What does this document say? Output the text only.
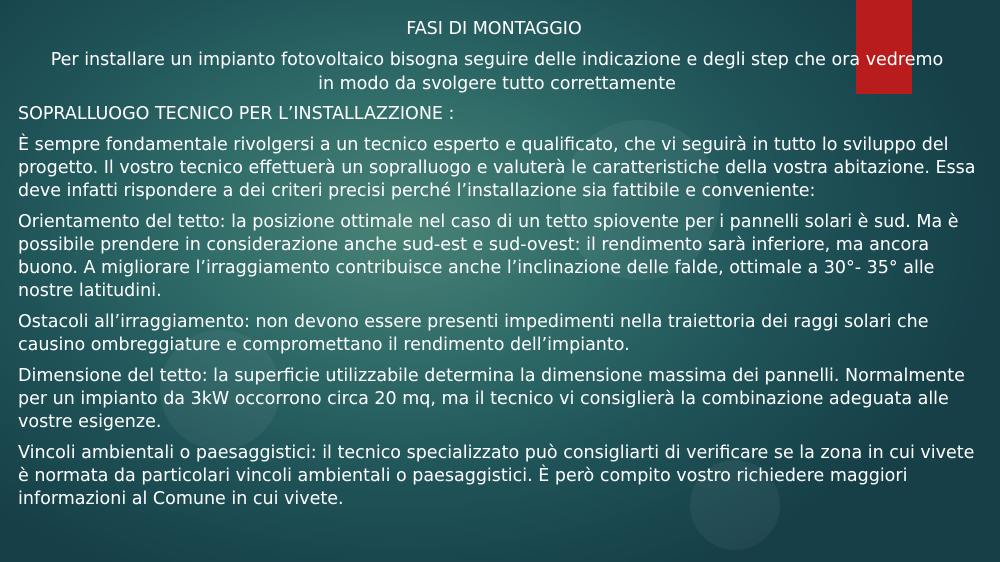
FASI DI MONTAGGIO
Per installare un impianto fotovoltaico bisogna seguire delle indicazione e degli step che ora vedremo in modo da svolgere tutto correttamente

SOPRALLUOGO TECNICO PER L’INSTALLAZZIONE :

È sempre fondamentale rivolgersi a un tecnico esperto e qualificato, che vi seguirà in tutto lo sviluppo del progetto. Il vostro tecnico effettuerà un sopralluogo e valuterà le caratteristiche della vostra abitazione. Essa deve infatti rispondere a dei criteri precisi perché l’installazione sia fattibile e conveniente:

Orientamento del tetto: la posizione ottimale nel caso di un tetto spiovente per i pannelli solari è sud. Ma è possibile prendere in considerazione anche sud-est e sud-ovest: il rendimento sarà inferiore, ma ancora buono. A migliorare l’irraggiamento contribuisce anche l’inclinazione delle falde, ottimale a 30°- 35° alle nostre latitudini.

Ostacoli all’irraggiamento: non devono essere presenti impedimenti nella traiettoria dei raggi solari che causino ombreggiature e compromettano il rendimento dell’impianto.

Dimensione del tetto: la superficie utilizzabile determina la dimensione massima dei pannelli. Normalmente per un impianto da 3kW occorrono circa 20 mq, ma il tecnico vi consiglierà la combinazione adeguata alle vostre esigenze.

Vincoli ambientali o paesaggistici: il tecnico specializzato può consigliarti di verificare se la zona in cui vivete è normata da particolari vincoli ambientali o paesaggistici. È però compito vostro richiedere maggiori informazioni al Comune in cui vivete.
